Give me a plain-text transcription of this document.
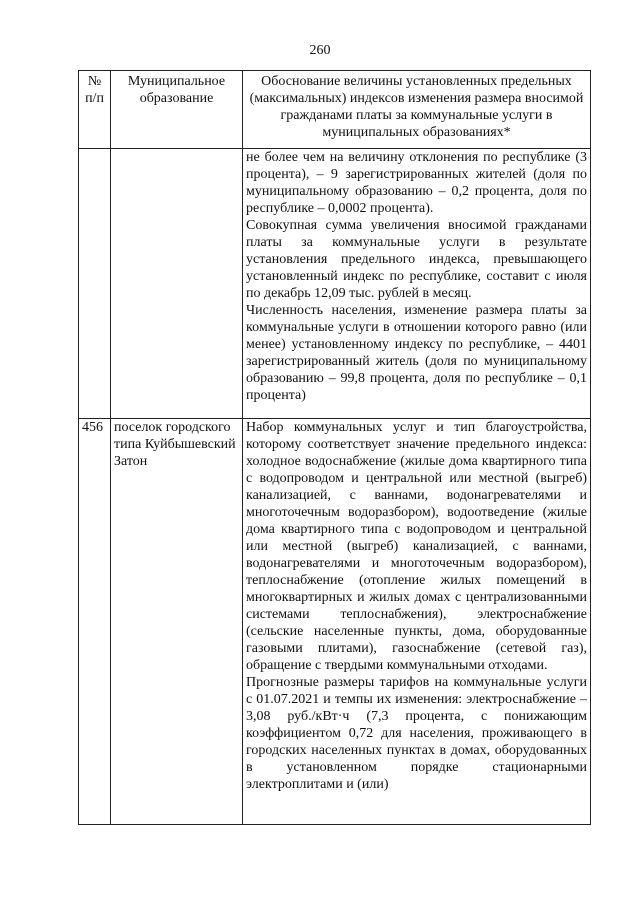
260
№ п/п	Муниципальное образование	Обоснование величины установленных предельных (максимальных) индексов изменения размера вносимой гражданами платы за коммунальные услуги в муниципальных образованиях*

		не более чем на величину отклонения по республике (3 процента), – 9 зарегистрированных жителей (доля по муниципальному образованию – 0,2 процента, доля по республике – 0,0002 процента).

Совокупная сумма увеличения вносимой гражданами платы за коммунальные услуги в результате установления предельного индекса, превышающего установленный индекс по республике, составит с июля по декабрь 12,09 тыс. рублей в месяц.

Численность населения, изменение размера платы за коммунальные услуги в отношении которого равно (или менее) установленному индексу по республике, – 4401 зарегистрированный житель (доля по муниципальному образованию – 99,8 процента, доля по республике – 0,1 процента)

456	поселок городского типа Куйбышевский Затон	Набор коммунальных услуг и тип благоустройства, которому соответствует значение предельного индекса: холодное водоснабжение (жилые дома квартирного типа с водопроводом и центральной или местной (выгреб) канализацией, с ваннами, водонагревателями и многоточечным водоразбором), водоотведение (жилые дома квартирного типа с водопроводом и центральной или местной (выгреб) канализацией, с ваннами, водонагревателями и многоточечным водоразбором), теплоснабжение (отопление жилых помещений в многоквартирных и жилых домах с централизованными системами теплоснабжения), электроснабжение (сельские населенные пункты, дома, оборудованные газовыми плитами), газоснабжение (сетевой газ), обращение с твердыми коммунальными отходами.

Прогнозные размеры тарифов на коммунальные услуги с 01.07.2021 и темпы их изменения: электроснабжение – 3,08 руб./кВт·ч (7,3 процента, с понижающим коэффициентом 0,72 для населения, проживающего в городских населенных пунктах в домах, оборудованных в установленном порядке стационарными электроплитами и (или)
